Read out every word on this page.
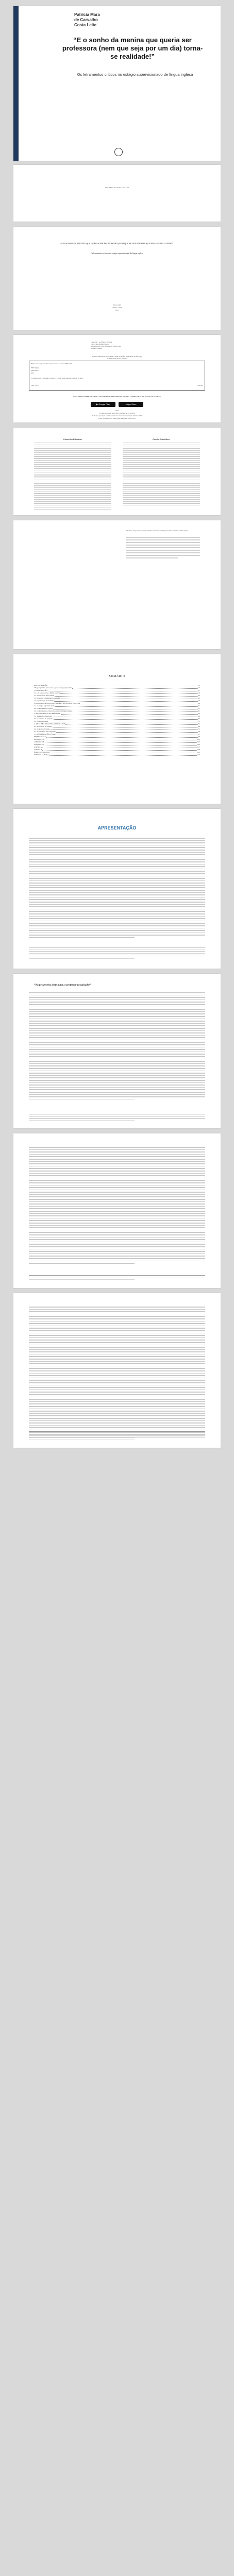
Patrícia Mara
de Carvalho
Costa Leite
“E o sonho da menina que queria ser professora (nem que seja por um dia) torna-se realidade!”
Os letramentos críticos no estágio supervisionado de língua inglesa
Patrícia Mara de Carvalho Costa Leite
“E O SONHO DA MENINA QUE QUERIA SER PROFESSORA (NEM QUE SEJA POR UM DIA) TORNA-SE REALIDADE!”
Os letramentos críticos no estágio supervisionado de língua inglesa
Editora CRV
Curitiba – Brasil
2023
Copyright © da Editora CRV Ltda.
Editor-chefe: Railson Moura
Diagramação e Capa: Designers da Editora CRV
Revisão: A Autora
DADOS INTERNACIONAIS DE CATALOGAÇÃO NA PUBLICAÇÃO (CIP)
CATALOGAÇÃO NA FONTE
Bibliotecária responsável: Luzenira Alves dos Santos CRB9/1506
ISBN Digital
ISBN Físico
DOI
1. Linguística. 2. Letramentos críticos. 3. Estágio supervisionado. I. Título. II. Série.
CDU 371.13	CDD 407
ESTA OBRA TAMBÉM ENCONTRA-SE DISPONÍVEL EM FORMATO DIGITAL. CONHEÇA E BAIXE NOSSO APLICATIVO!
▶ Google Play	● App Store
2023
Foi feito o depósito legal conf. Lei 10.994 de 14/12/2004
Proibida a reprodução parcial ou total desta obra sem autorização da Editora CRV
Todos os direitos desta edição reservados pela: Editora CRV
Conselho Editorial:	Comitê Científico:
Este livro foi possível graças a muitos encontros, muitas parcerias e muitas colaborações.
SUMÁRIO
APRESENTAÇÃO	11
“Na perspectiva deste autor, o professor-pesquisador”	13
1. INTRODUÇÃO	17
1.1 Um pouco sobre a minha história	19
1.2 A relevância deste estudo	23
1.3 Objetivos e perguntas da pesquisa	25
1.4 Organização do trabalho	27
2. A FORMAÇÃO DE PROFESSORES DE LÍNGUA INGLESA	29
2.1 O estágio supervisionado	31
2.2 Os letramentos críticos	37
2.3 Os letramentos críticos no ensino de língua inglesa	41
3. METODOLOGIA DA PESQUISA	47
3.1 A pesquisa qualitativa	49
3.2 O contexto da pesquisa	53
3.3 Os participantes	57
4. ANÁLISE E DISCUSSÃO DOS DADOS	61
4.1 As práticas no estágio	63
4.2 Os planos de aula	71
4.3 As reflexões das estagiárias	79
5. CONSIDERAÇÕES FINAIS	87
REFERÊNCIAS	93
APÊNDICE A	101
APÊNDICE B	103
APÊNDICE C	105
ANEXO A	107
ANEXO B	109
ÍNDICE REMISSIVO	113
SOBRE A AUTORA	117
APRESENTAÇÃO
“Na perspectiva deste autor, o professor-pesquisador”
